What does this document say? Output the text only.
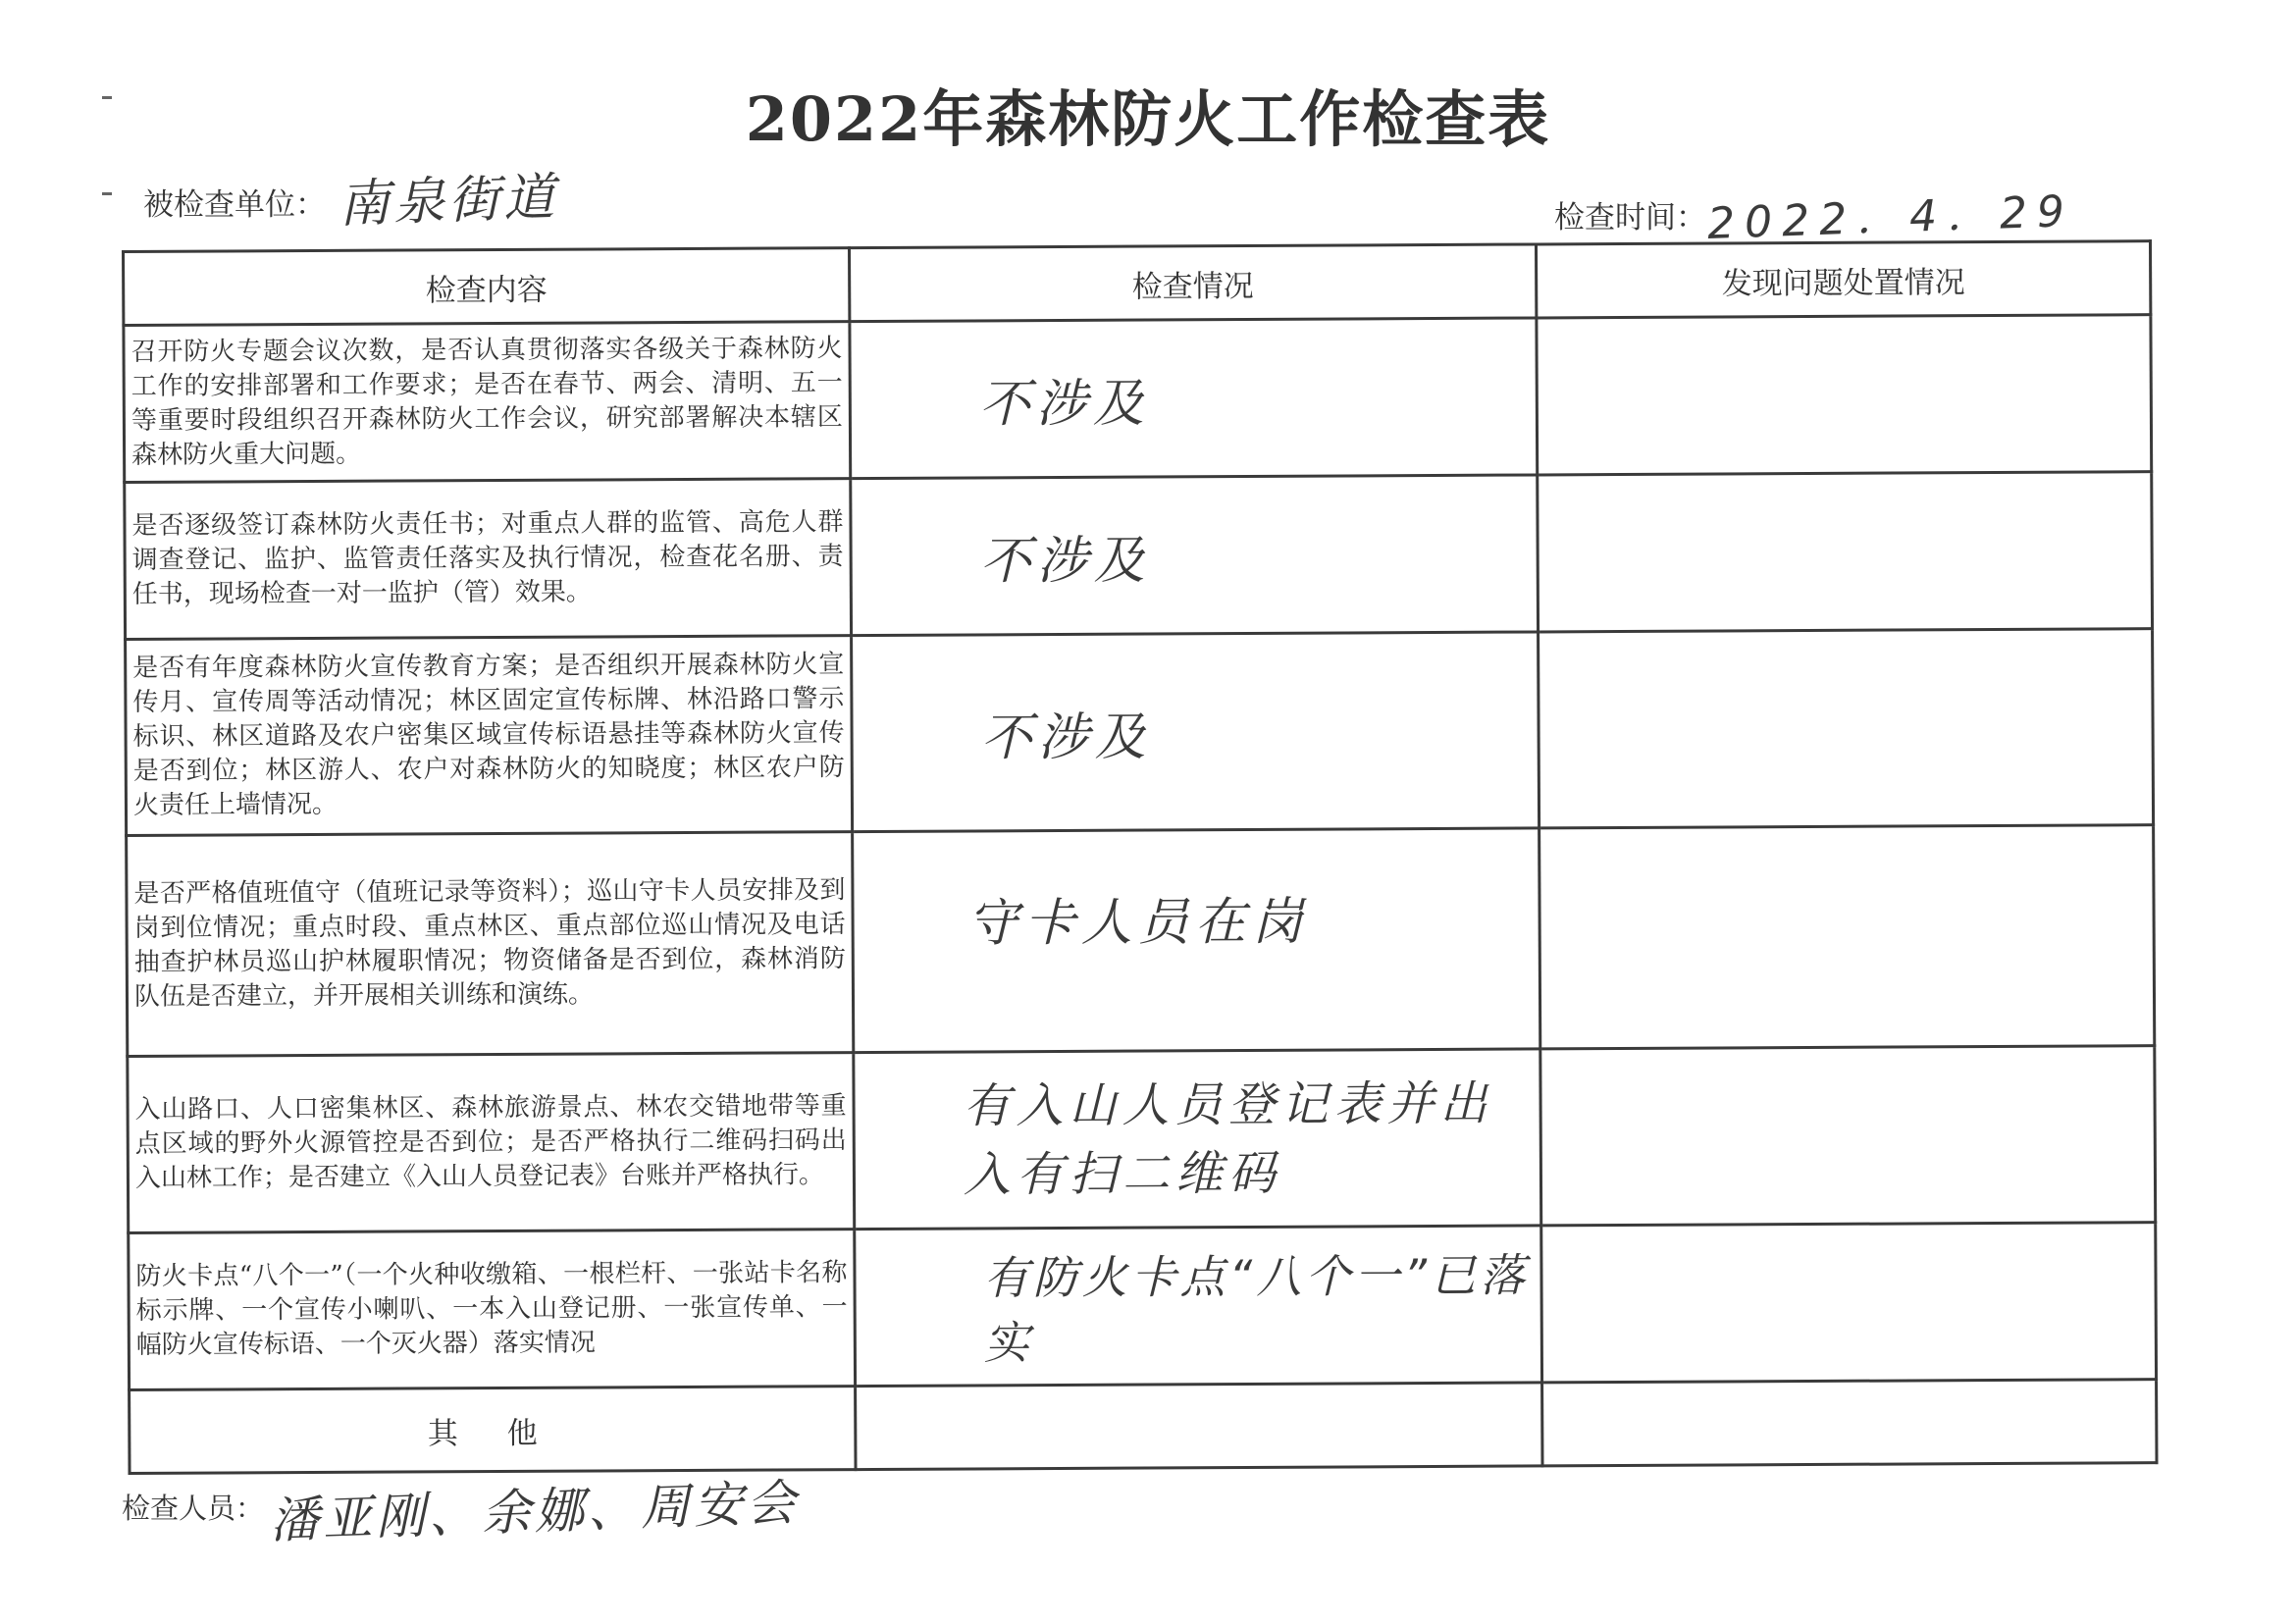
2022年森林防火工作检查表
被检查单位： 南泉街道	检查时间： 2022．4．29
检查内容	检查情况	发现问题处置情况
召开防火专题会议次数，是否认真贯彻落实各级关于森林防火工作的安排部署和工作要求；是否在春节、两会、清明、五一等重要时段组织召开森林防火工作会议，研究部署解决本辖区森林防火重大问题。	不涉及	
是否逐级签订森林防火责任书；对重点人群的监管、高危人群调查登记、监护、监管责任落实及执行情况，检查花名册、责任书，现场检查一对一监护（管）效果。	不涉及	
是否有年度森林防火宣传教育方案；是否组织开展森林防火宣传月、宣传周等活动情况；林区固定宣传标牌、林沿路口警示标识、林区道路及农户密集区域宣传标语悬挂等森林防火宣传是否到位；林区游人、农户对森林防火的知晓度；林区农户防火责任上墙情况。	不涉及	
是否严格值班值守（值班记录等资料）；巡山守卡人员安排及到岗到位情况；重点时段、重点林区、重点部位巡山情况及电话抽查护林员巡山护林履职情况；物资储备是否到位，森林消防队伍是否建立，并开展相关训练和演练。	守卡人员在岗	
入山路口、人口密集林区、森林旅游景点、林农交错地带等重点区域的野外火源管控是否到位；是否严格执行二维码扫码出入山林工作；是否建立《入山人员登记表》台账并严格执行。	有入山人员登记表并出入有扫二维码	
防火卡点“八个一”（一个火种收缴箱、一根栏杆、一张站卡名称标示牌、一个宣传小喇叭、一本入山登记册、一张宣传单、一幅防火宣传标语、一个灭火器）落实情况	有防火卡点“八个一”已落实	
其 他		
检查人员： 潘亚刚、余娜、周安会
